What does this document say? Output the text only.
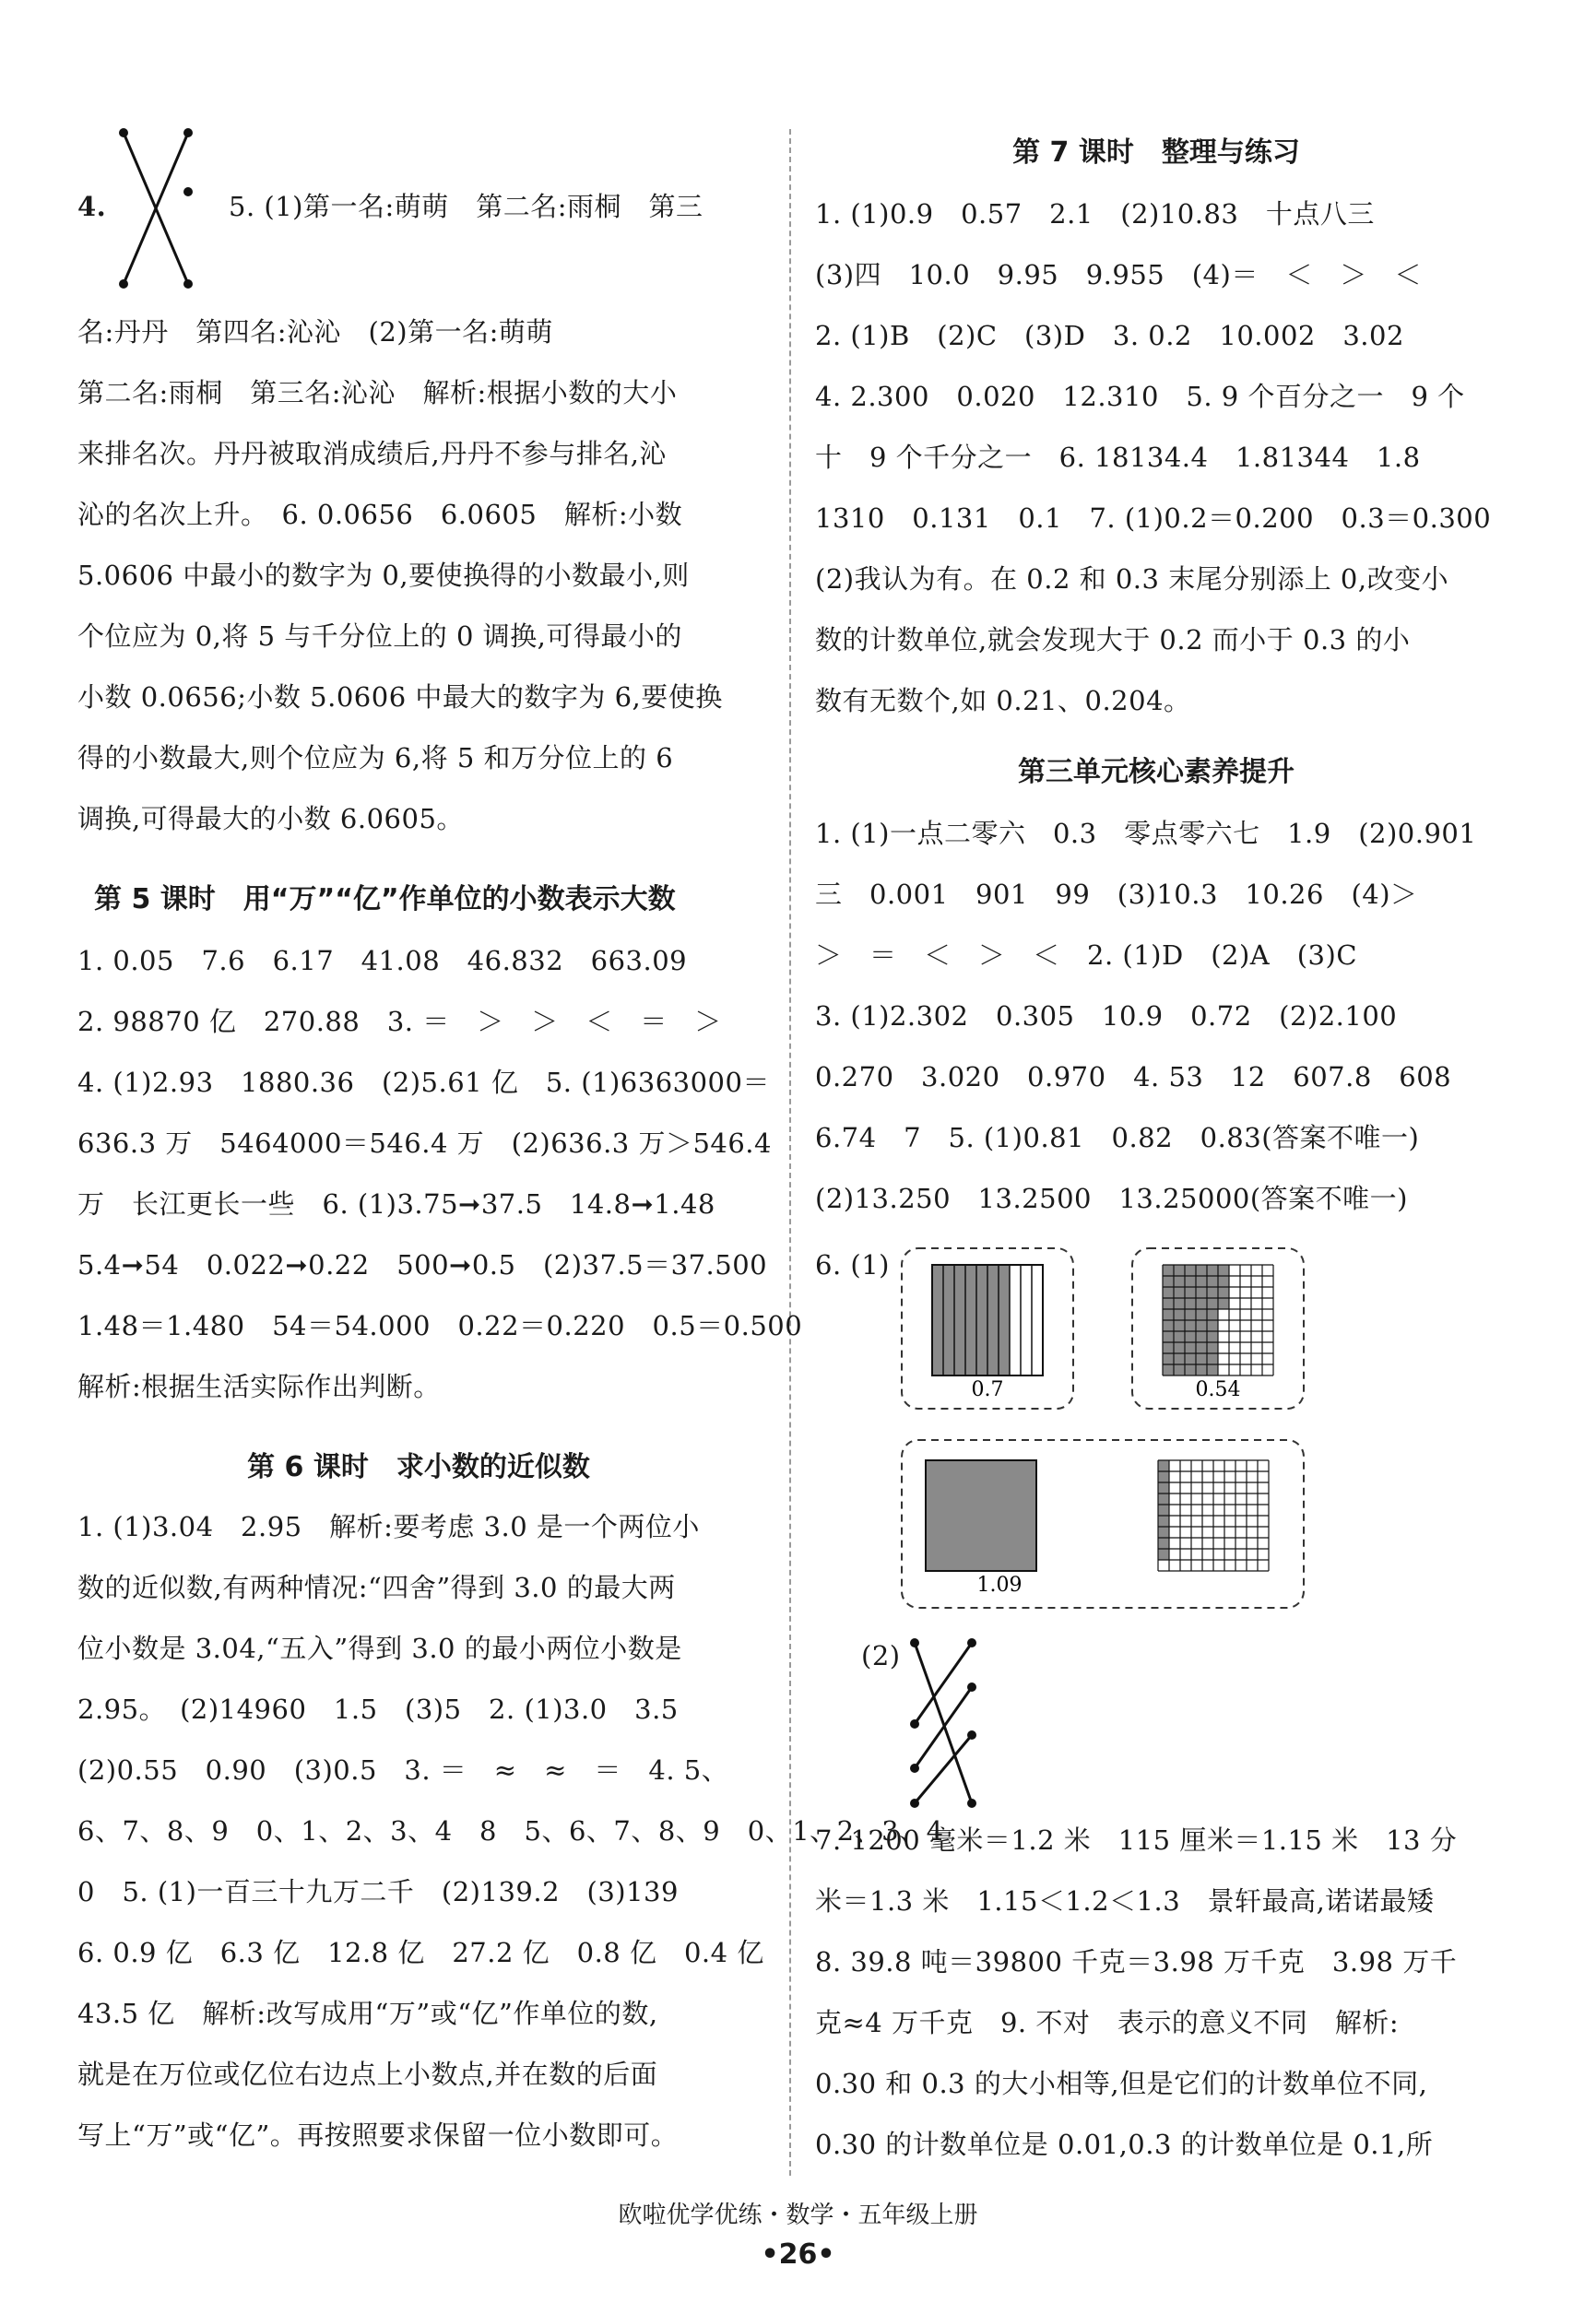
4.	5. (1)第一名:萌萌　第二名:雨桐　第三
名:丹丹　第四名:沁沁　(2)第一名:萌萌
第二名:雨桐　第三名:沁沁　解析:根据小数的大小
来排名次。丹丹被取消成绩后,丹丹不参与排名,沁
沁的名次上升。　6. 0.0656　6.0605　解析:小数
5.0606 中最小的数字为 0,要使换得的小数最小,则
个位应为 0,将 5 与千分位上的 0 调换,可得最小的
小数 0.0656;小数 5.0606 中最大的数字为 6,要使换
得的小数最大,则个位应为 6,将 5 和万分位上的 6
调换,可得最大的小数 6.0605。
第 5 课时　用“万”“亿”作单位的小数表示大数
1. 0.05　7.6　6.17　41.08　46.832　663.09
2. 98870 亿　270.88　3. ＝　＞　＞　＜　＝　＞
4. (1)2.93　1880.36　(2)5.61 亿　5. (1)6363000＝
636.3 万　5464000＝546.4 万　(2)636.3 万＞546.4
万　长江更长一些　6. (1)3.75➞37.5　14.8➞1.48
5.4➞54　0.022➞0.22　500➞0.5　(2)37.5＝37.500
1.48＝1.480　54＝54.000　0.22＝0.220　0.5＝0.500
解析:根据生活实际作出判断。
第 6 课时　求小数的近似数
1. (1)3.04　2.95　解析:要考虑 3.0 是一个两位小
数的近似数,有两种情况:“四舍”得到 3.0 的最大两
位小数是 3.04,“五入”得到 3.0 的最小两位小数是
2.95。　(2)14960　1.5　(3)5　2. (1)3.0　3.5
(2)0.55　0.90　(3)0.5　3. ＝　≈　≈　＝　4. 5、
6、7、8、9　0、1、2、3、4　8　5、6、7、8、9　0、1、2、3、4
0　5. (1)一百三十九万二千　(2)139.2　(3)139
6. 0.9 亿　6.3 亿　12.8 亿　27.2 亿　0.8 亿　0.4 亿
43.5 亿　解析:改写成用“万”或“亿”作单位的数,
就是在万位或亿位右边点上小数点,并在数的后面
写上“万”或“亿”。再按照要求保留一位小数即可。
第 7 课时　整理与练习
1. (1)0.9　0.57　2.1　(2)10.83　十点八三
(3)四　10.0　9.95　9.955　(4)＝　＜　＞　＜
2. (1)B　(2)C　(3)D　3. 0.2　10.002　3.02
4. 2.300　0.020　12.310　5. 9 个百分之一　9 个
十　9 个千分之一　6. 18134.4　1.81344　1.8
1310　0.131　0.1　7. (1)0.2＝0.200　0.3＝0.300
(2)我认为有。在 0.2 和 0.3 末尾分别添上 0,改变小
数的计数单位,就会发现大于 0.2 而小于 0.3 的小
数有无数个,如 0.21、0.204。
第三单元核心素养提升
1. (1)一点二零六　0.3　零点零六七　1.9　(2)0.901
三　0.001　901　99　(3)10.3　10.26　(4)＞
＞　＝　＜　＞　＜　2. (1)D　(2)A　(3)C
3. (1)2.302　0.305　10.9　0.72　(2)2.100
0.270　3.020　0.970　4. 53　12　607.8　608
6.74　7　5. (1)0.81　0.82　0.83(答案不唯一)
(2)13.250　13.2500　13.25000(答案不唯一)
6. (1)
0.7	0.54
1.09
(2)
7. 1200 毫米＝1.2 米　115 厘米＝1.15 米　13 分
米＝1.3 米　1.15＜1.2＜1.3　景轩最高,诺诺最矮
8. 39.8 吨＝39800 千克＝3.98 万千克　3.98 万千
克≈4 万千克　9. 不对　表示的意义不同　解析:
0.30 和 0.3 的大小相等,但是它们的计数单位不同,
0.30 的计数单位是 0.01,0.3 的计数单位是 0.1,所
欧啦优学优练・数学・五年级上册
•26•
